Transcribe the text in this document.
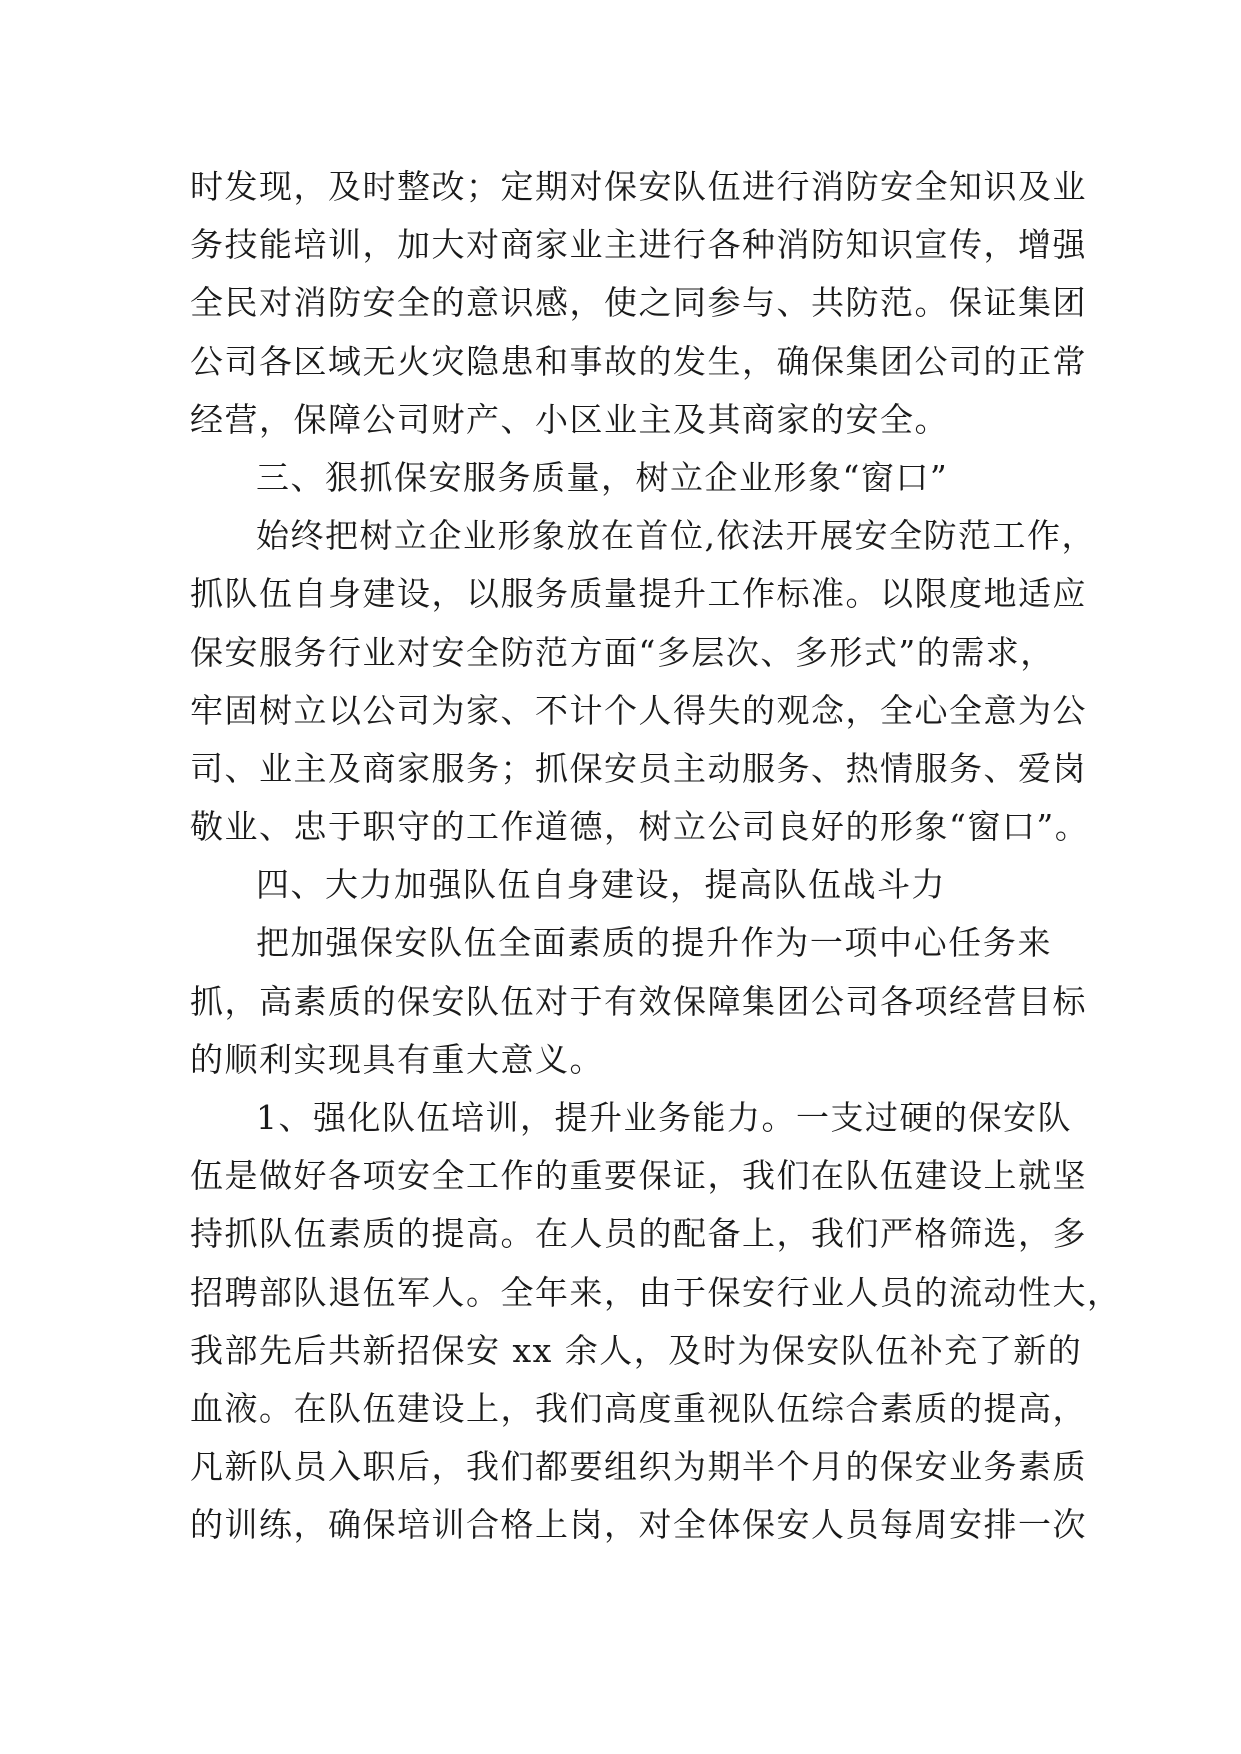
时发现，及时整改；定期对保安队伍进行消防安全知识及业
务技能培训，加大对商家业主进行各种消防知识宣传，增强
全民对消防安全的意识感，使之同参与、共防范。保证集团
公司各区域无火灾隐患和事故的发生，确保集团公司的正常
经营，保障公司财产、小区业主及其商家的安全。
三、狠抓保安服务质量，树立企业形象“窗口”
始终把树立企业形象放在首位,依法开展安全防范工作，
抓队伍自身建设，以服务质量提升工作标准。以限度地适应
保安服务行业对安全防范方面“多层次、多形式”的需求，
牢固树立以公司为家、不计个人得失的观念，全心全意为公
司、业主及商家服务；抓保安员主动服务、热情服务、爱岗
敬业、忠于职守的工作道德，树立公司良好的形象“窗口”。
四、大力加强队伍自身建设，提高队伍战斗力
把加强保安队伍全面素质的提升作为一项中心任务来
抓，高素质的保安队伍对于有效保障集团公司各项经营目标
的顺利实现具有重大意义。
1、强化队伍培训，提升业务能力。一支过硬的保安队
伍是做好各项安全工作的重要保证，我们在队伍建设上就坚
持抓队伍素质的提高。在人员的配备上，我们严格筛选，多
招聘部队退伍军人。全年来，由于保安行业人员的流动性大，
我部先后共新招保安 xx 余人，及时为保安队伍补充了新的
血液。在队伍建设上，我们高度重视队伍综合素质的提高，
凡新队员入职后，我们都要组织为期半个月的保安业务素质
的训练，确保培训合格上岗，对全体保安人员每周安排一次
